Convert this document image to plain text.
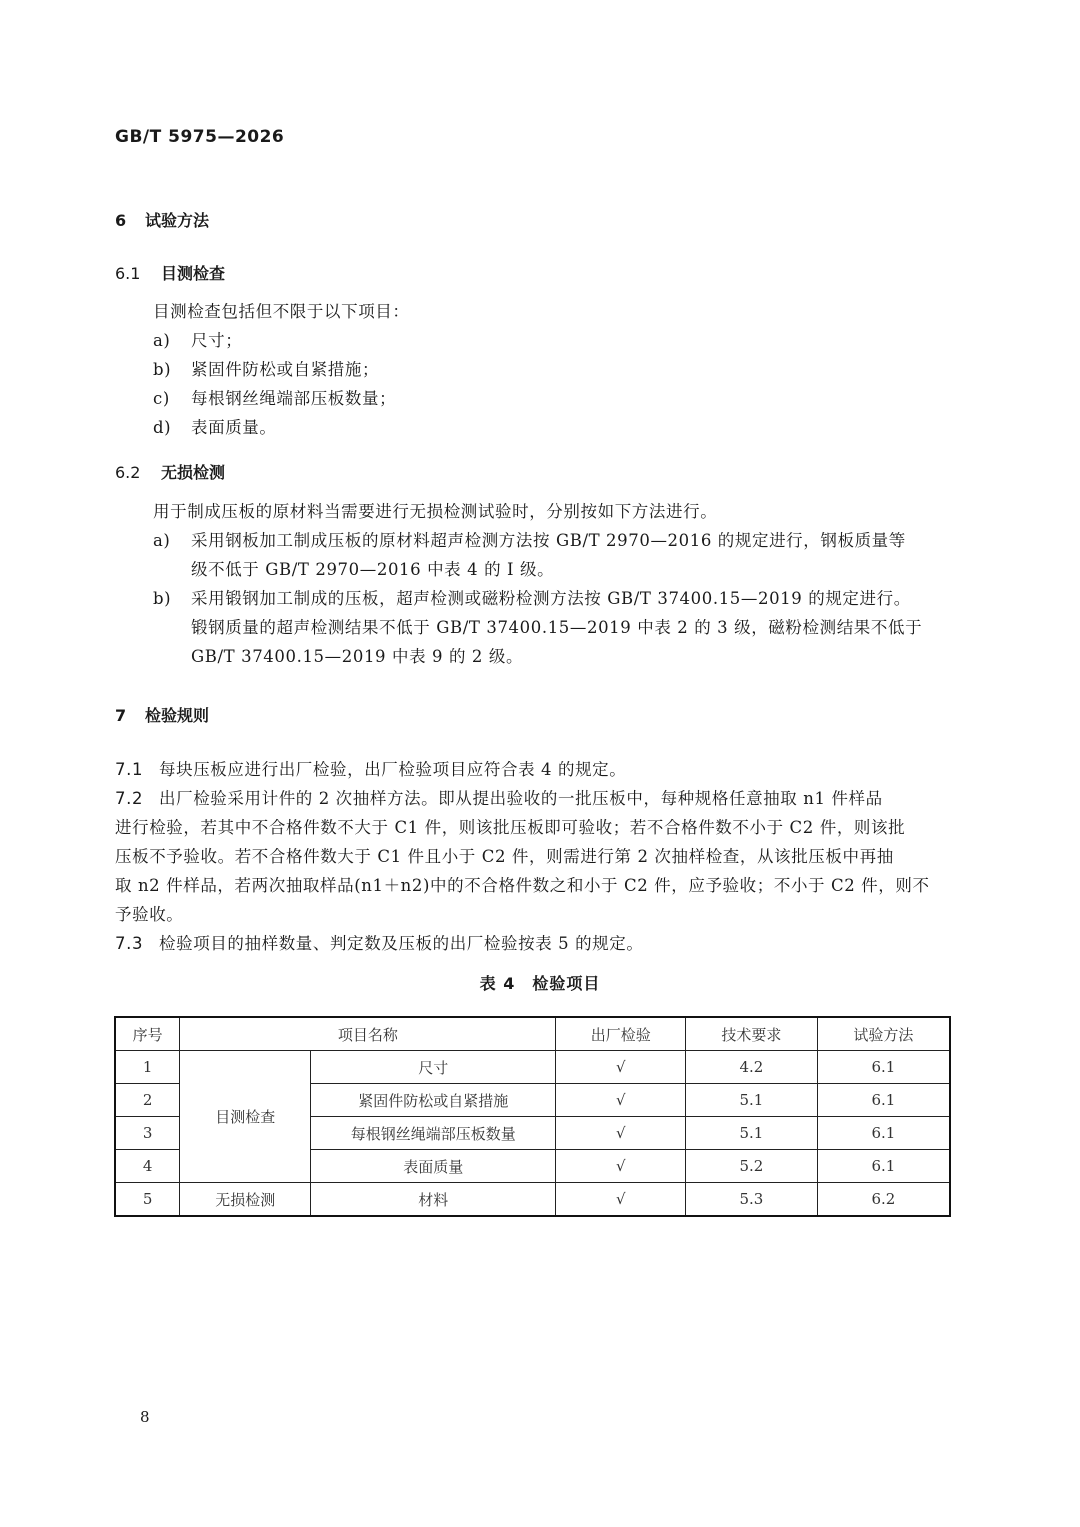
GB/T 5975—2026
6 试验方法
6.1 目测检查
目测检查包括但不限于以下项目：
a) 尺寸；
b) 紧固件防松或自紧措施；
c) 每根钢丝绳端部压板数量；
d) 表面质量。
6.2 无损检测
用于制成压板的原材料当需要进行无损检测试验时，分别按如下方法进行。
a) 采用钢板加工制成压板的原材料超声检测方法按 GB/T 2970—2016 的规定进行，钢板质量等
级不低于 GB/T 2970—2016 中表 4 的 Ⅰ 级。
b) 采用锻钢加工制成的压板，超声检测或磁粉检测方法按 GB/T 37400.15—2019 的规定进行。
锻钢质量的超声检测结果不低于 GB/T 37400.15—2019 中表 2 的 3 级，磁粉检测结果不低于
GB/T 37400.15—2019 中表 9 的 2 级。
7 检验规则
7.1 每块压板应进行出厂检验，出厂检验项目应符合表 4 的规定。
7.2 出厂检验采用计件的 2 次抽样方法。即从提出验收的一批压板中，每种规格任意抽取 n1 件样品
进行检验，若其中不合格件数不大于 C1 件，则该批压板即可验收；若不合格件数不小于 C2 件，则该批
压板不予验收。若不合格件数大于 C1 件且小于 C2 件，则需进行第 2 次抽样检查，从该批压板中再抽
取 n2 件样品，若两次抽取样品(n1＋n2)中的不合格件数之和小于 C2 件，应予验收；不小于 C2 件，则不
予验收。
7.3 检验项目的抽样数量、判定数及压板的出厂检验按表 5 的规定。
表 4　检验项目
序号	项目名称		出厂检验	技术要求	试验方法
1	目测检查	尺寸	√	4.2	6.1
2		紧固件防松或自紧措施	√	5.1	6.1
3		每根钢丝绳端部压板数量	√	5.1	6.1
4		表面质量	√	5.2	6.1
5	无损检测	材料	√	5.3	6.2
8
